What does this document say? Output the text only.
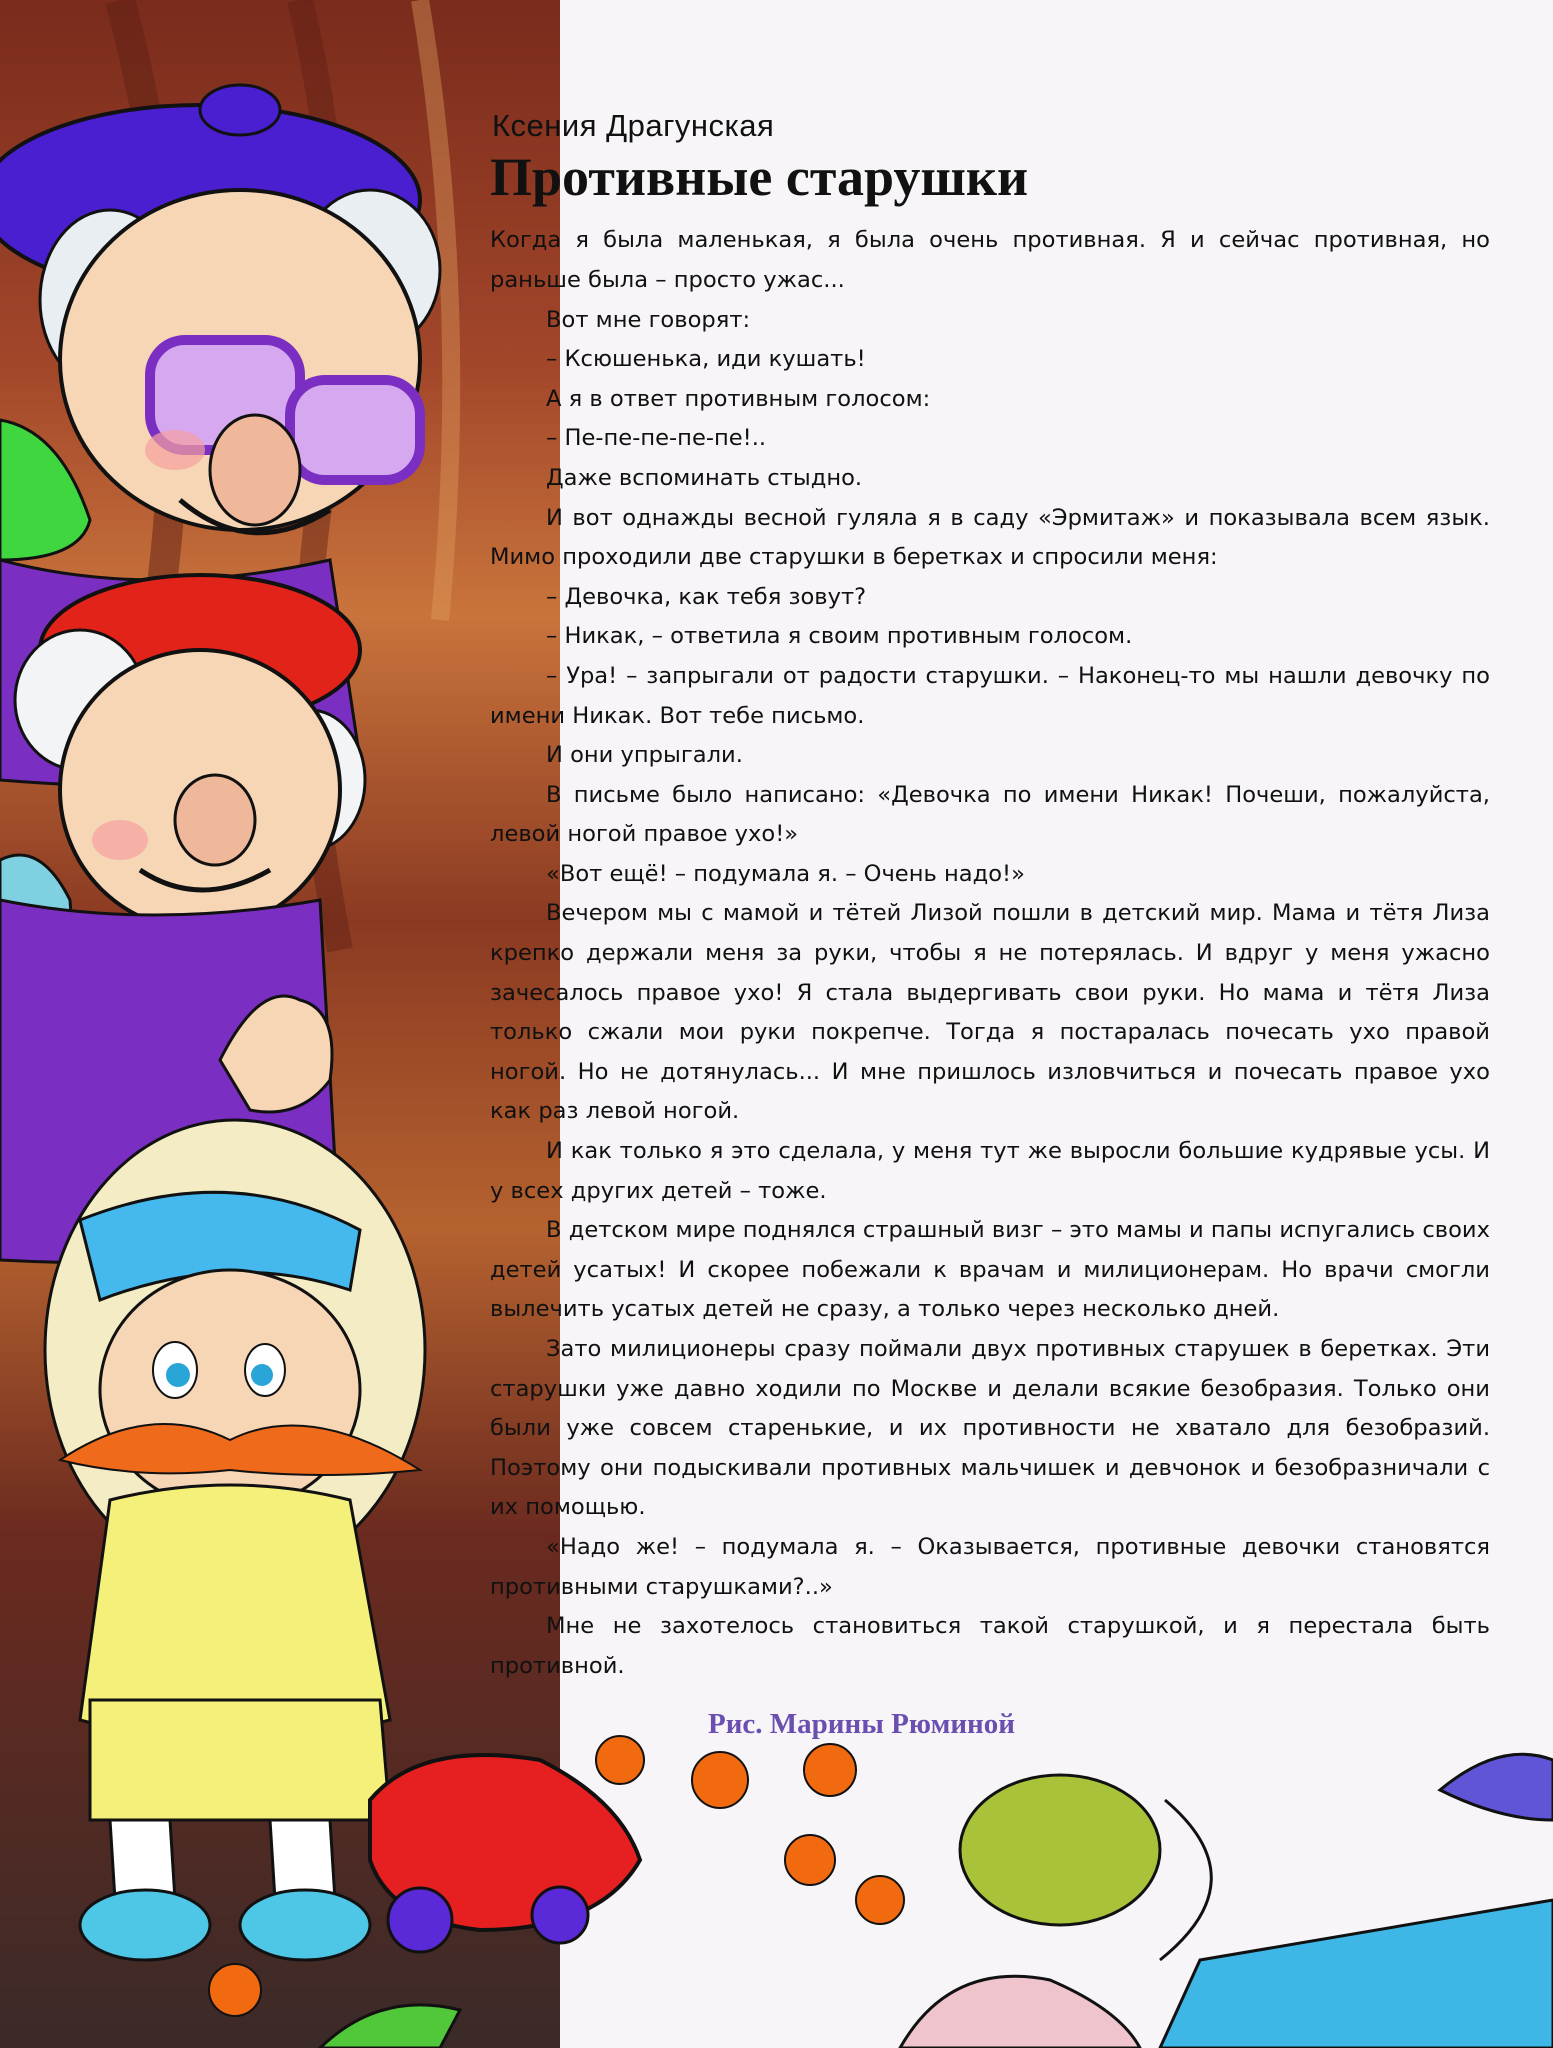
Ксения Драгунская
Противные старушки

Когда я была маленькая, я была очень противная. Я и сейчас противная, но раньше была – просто ужас...

Вот мне говорят:

– Ксюшенька, иди кушать!

А я в ответ противным голосом:

– Пе-пе-пе-пе-пе!..

Даже вспоминать стыдно.

И вот однажды весной гуляла я в саду «Эрмитаж» и показывала всем язык. Мимо проходили две старушки в беретках и спросили меня:

– Девочка, как тебя зовут?

– Никак, – ответила я своим противным голосом.

– Ура! – запрыгали от радости старушки. – Наконец-то мы нашли девочку по имени Никак. Вот тебе письмо.

И они упрыгали.

В письме было написано: «Девочка по имени Никак! Почеши, пожалуйста, левой ногой правое ухо!»

«Вот ещё! – подумала я. – Очень надо!»

Вечером мы с мамой и тётей Лизой пошли в детский мир. Мама и тётя Лиза крепко держали меня за руки, чтобы я не потерялась. И вдруг у меня ужасно зачесалось правое ухо! Я стала выдергивать свои руки. Но мама и тётя Лиза только сжали мои руки покрепче. Тогда я постаралась почесать ухо правой ногой. Но не дотянулась... И мне пришлось изловчиться и почесать правое ухо как раз левой ногой.

И как только я это сделала, у меня тут же выросли большие кудрявые усы. И у всех других детей – тоже.

В детском мире поднялся страшный визг – это мамы и папы испугались своих детей усатых! И скорее побежали к врачам и милиционерам. Но врачи смогли вылечить усатых детей не сразу, а только через несколько дней.

Зато милиционеры сразу поймали двух противных старушек в беретках. Эти старушки уже давно ходили по Москве и делали всякие безобразия. Только они были уже совсем старенькие, и их противности не хватало для безобразий. Поэтому они подыскивали противных мальчишек и девчонок и безобразничали с их помощью.

«Надо же! – подумала я. – Оказывается, противные девочки становятся противными старушками?..»

Мне не захотелось становиться такой старушкой, и я перестала быть противной.

Рис. Марины Рюминой
